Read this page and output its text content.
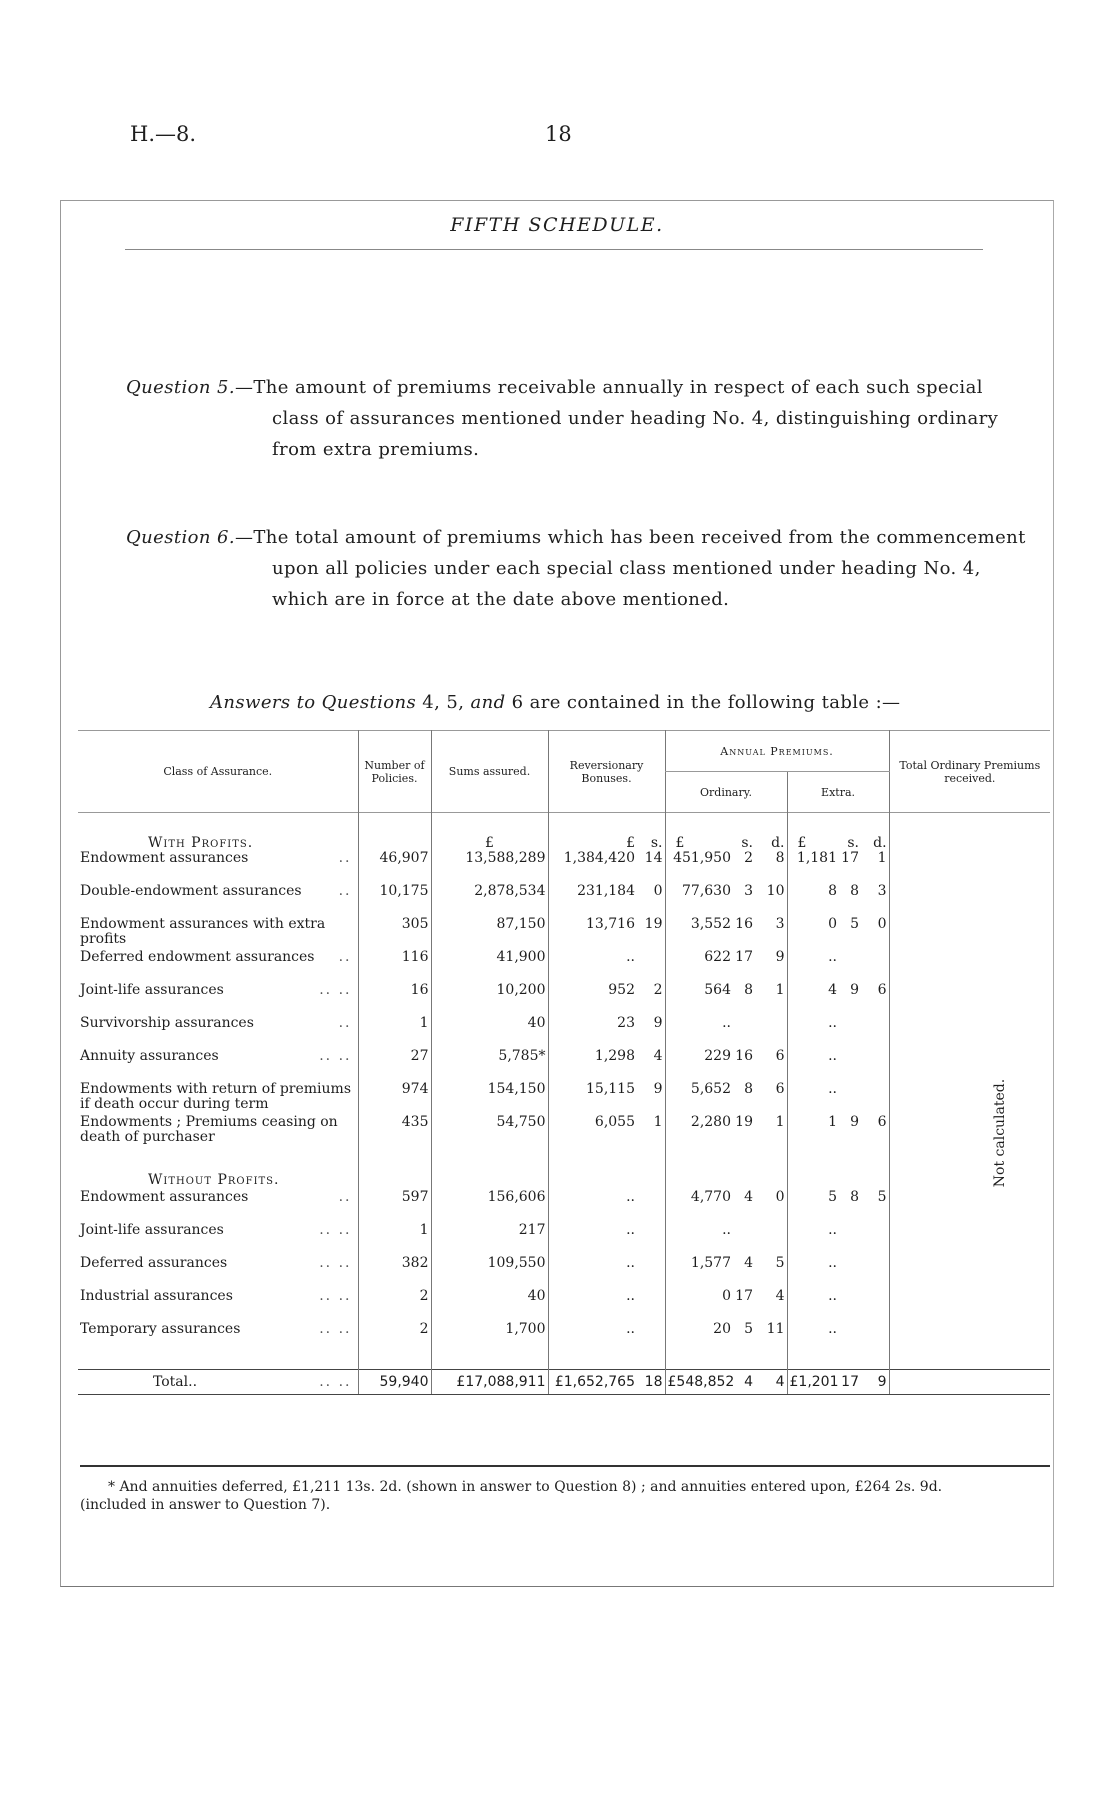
H.—8.	18
FIFTH SCHEDULE.
Question 5.—The amount of premiums receivable annually in respect of each such special
class of assurances mentioned under heading No. 4, distinguishing ordinary
from extra premiums.
Question 6.—The total amount of premiums which has been received from the commencement
upon all policies under each special class mentioned under heading No. 4,
which are in force at the date above mentioned.
Answers to Questions 4, 5, and 6 are contained in the following table :—
Class of Assurance.	Number of Policies.	Sums assured.	Reversionary Bonuses.		Annual Premiums.						Total Ordinary Premiums received.
					Ordinary.			Extra.			
With Profits.		£	£	s.	£	s.	d.	£	s.	d.	

..
Endowment assurances	46,907	13,588,289	1,384,420	14	451,950	2	8	1,181	17	1	

..
Double-endowment assurances	10,175	2,878,534	231,184	0	77,630	3	10	8	8	3	

Endowment assurances with extra profits	305	87,150	13,716	19	3,552	16	3	0	5	0	

..
Deferred endowment assurances	116	41,900	..		622	17	9	..			

.. ..
Joint-life assurances	16	10,200	952	2	564	8	1	4	9	6	

..
Survivorship assurances	1	40	23	9	..			..			

.. ..
Annuity assurances	27	5,785*	1,298	4	229	16	6	..			

Endowments with return of premiums if death occur during term	974	154,150	15,115	9	5,652	8	6	..			

Endowments ; Premiums ceasing on death of purchaser	435	54,750	6,055	1	2,280	19	1	1	9	6	
Without Profits.											

..
Endowment assurances	597	156,606	..		4,770	4	0	5	8	5	

.. ..
Joint-life assurances	1	217	..		..			..			

.. ..
Deferred assurances	382	109,550	..		1,577	4	5	..			

.. ..
Industrial assurances	2	40	..		0	17	4	..			

.. ..
Temporary assurances	2	1,700	..		20	5	11	..			

.. ..
Total..	59,940	£17,088,911	£1,652,765	18	£548,852	4	4	£1,201	17	9	
Not calculated.
* And annuities deferred, £1,211 13s. 2d. (shown in answer to Question 8) ; and annuities entered upon, £264 2s. 9d.
(included in answer to Question 7).
